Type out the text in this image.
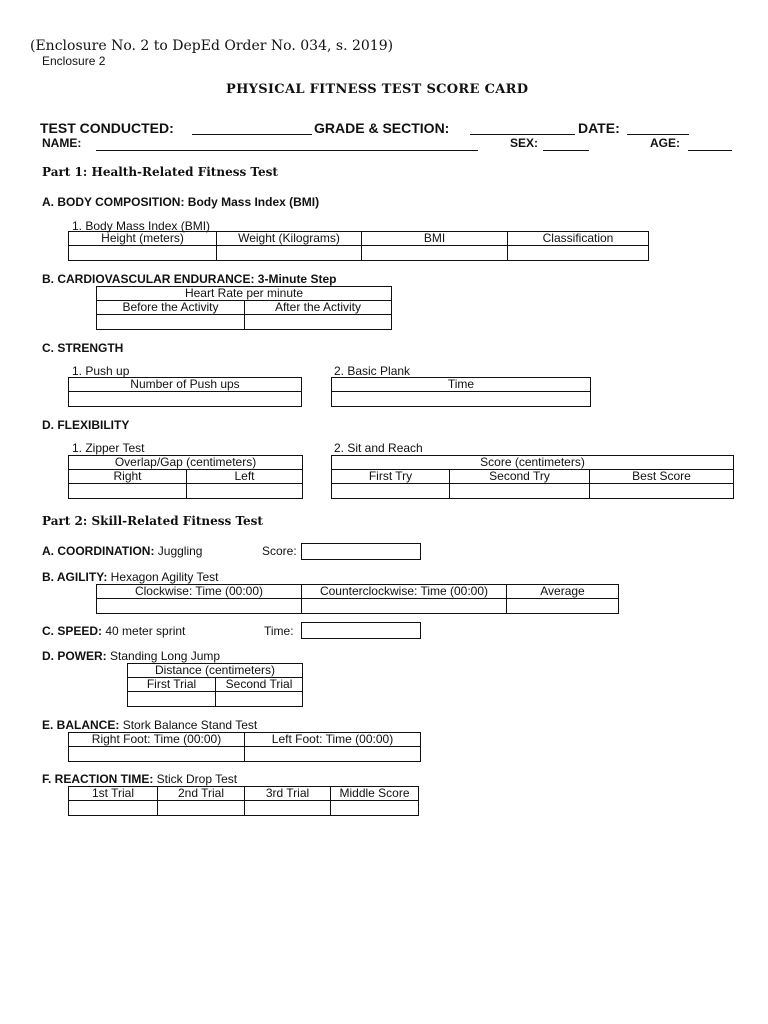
(Enclosure No. 2 to DepEd Order No. 034, s. 2019)
Enclosure 2
PHYSICAL FITNESS TEST SCORE CARD
TEST CONDUCTED:	GRADE & SECTION:	DATE:
NAME:	SEX:	AGE:
Part 1: Health-Related Fitness Test
A. BODY COMPOSITION: Body Mass Index (BMI)
1. Body Mass Index (BMI)
Height (meters)	Weight (Kilograms)	BMI	Classification

B. CARDIOVASCULAR ENDURANCE: 3-Minute Step
Heart Rate per minute	
Before the Activity	After the Activity

C. STRENGTH
1. Push up
Number of Push ups

2. Basic Plank
Time

D. FLEXIBILITY
1. Zipper Test
Overlap/Gap (centimeters)	
Right	Left

2. Sit and Reach
Score (centimeters)		
First Try	Second Try	Best Score

Part 2: Skill-Related Fitness Test
A. COORDINATION: Juggling	Score:
B. AGILITY: Hexagon Agility Test
Clockwise: Time (00:00)	Counterclockwise: Time (00:00)	Average

C. SPEED: 40 meter sprint	Time:
D. POWER: Standing Long Jump
Distance (centimeters)	
First Trial	Second Trial

E. BALANCE: Stork Balance Stand Test
Right Foot: Time (00:00)	Left Foot: Time (00:00)

F. REACTION TIME: Stick Drop Test
1st Trial	2nd Trial	3rd Trial	Middle Score
